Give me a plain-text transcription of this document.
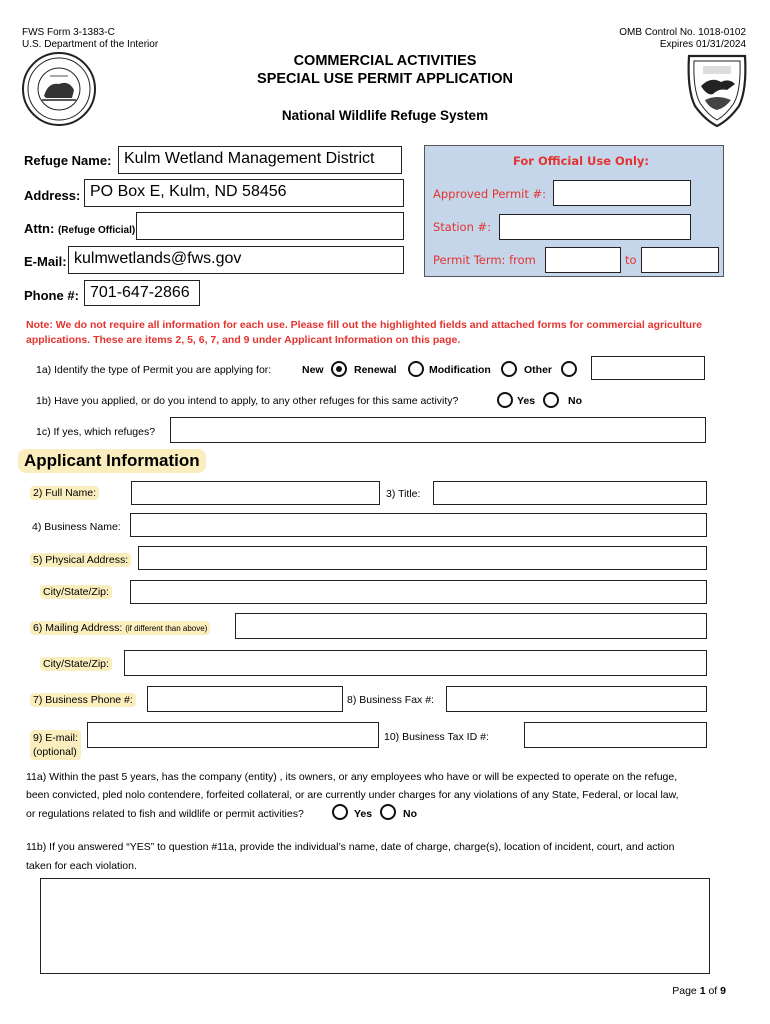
FWS Form 3-1383-C
U.S. Department of the Interior
OMB Control No. 1018-0102
Expires 01/31/2024
COMMERCIAL ACTIVITIES
SPECIAL USE PERMIT APPLICATION
National Wildlife Refuge System
Refuge Name: Kulm Wetland Management District
Address: PO Box E, Kulm, ND 58456
Attn: (Refuge Official)
E-Mail: kulmwetlands@fws.gov
Phone #: 701-647-2866
For Official Use Only:
Approved Permit #:
Station #:
Permit Term: from	to
Note: We do not require all information for each use. Please fill out the highlighted fields and attached forms for commercial agriculture applications. These are items 2, 5, 6, 7, and 9 under Applicant Information on this page.
1a) Identify the type of Permit you are applying for:	New	Renewal	Modification	Other
1b) Have you applied, or do you intend to apply, to any other refuges for this same activity?	Yes	No
1c) If yes, which refuges?
Applicant Information
2) Full Name:	3) Title:
4) Business Name:
5) Physical Address:
City/State/Zip:
6) Mailing Address: (if different than above)
City/State/Zip:
7) Business Phone #:	8) Business Fax #:
9) E-mail:
(optional)
10) Business Tax ID #:
11a) Within the past 5 years, has the company (entity) , its owners, or any employees who have or will be expected to operate on the refuge,
been convicted, pled nolo contendere, forfeited collateral, or are currently under charges for any violations of any State, Federal, or local law,
or regulations related to fish and wildlife or permit activities?	Yes	No
11b) If you answered “YES” to question #11a, provide the individual’s name, date of charge, charge(s), location of incident, court, and action
taken for each violation.
Page 1 of 9
